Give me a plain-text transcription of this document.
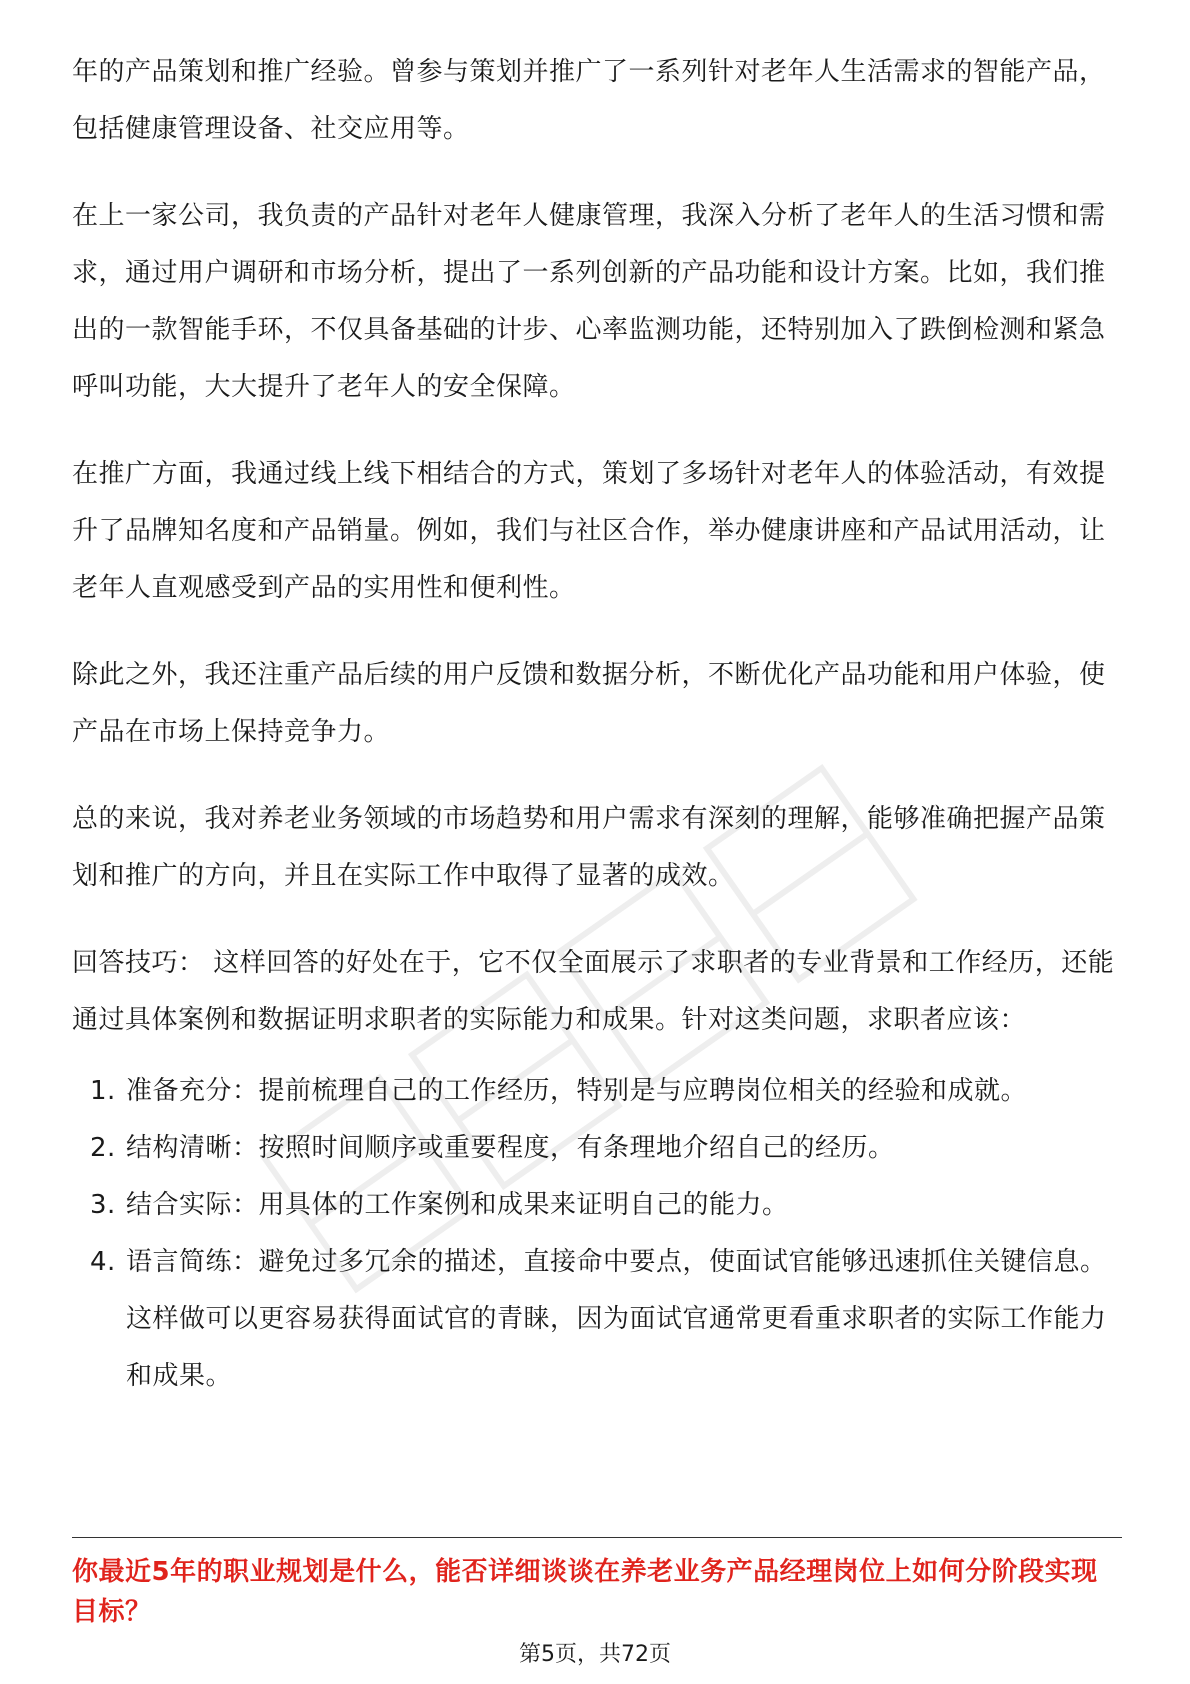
年的产品策划和推广经验。曾参与策划并推广了一系列针对老年人生活需求的智能产品，包括健康管理设备、社交应用等。

在上一家公司，我负责的产品针对老年人健康管理，我深入分析了老年人的生活习惯和需求，通过用户调研和市场分析，提出了一系列创新的产品功能和设计方案。比如，我们推出的一款智能手环，不仅具备基础的计步、心率监测功能，还特别加入了跌倒检测和紧急呼叫功能，大大提升了老年人的安全保障。

在推广方面，我通过线上线下相结合的方式，策划了多场针对老年人的体验活动，有效提升了品牌知名度和产品销量。例如，我们与社区合作，举办健康讲座和产品试用活动，让老年人直观感受到产品的实用性和便利性。

除此之外，我还注重产品后续的用户反馈和数据分析，不断优化产品功能和用户体验，使产品在市场上保持竞争力。

总的来说，我对养老业务领域的市场趋势和用户需求有深刻的理解，能够准确把握产品策划和推广的方向，并且在实际工作中取得了显著的成效。

回答技巧： 这样回答的好处在于，它不仅全面展示了求职者的专业背景和工作经历，还能通过具体案例和数据证明求职者的实际能力和成果。针对这类问题，求职者应该：

1. 准备充分：提前梳理自己的工作经历，特别是与应聘岗位相关的经验和成就。
2. 结构清晰：按照时间顺序或重要程度，有条理地介绍自己的经历。
3. 结合实际：用具体的工作案例和成果来证明自己的能力。
4. 语言简练：避免过多冗余的描述，直接命中要点，使面试官能够迅速抓住关键信息。 这样做可以更容易获得面试官的青睐，因为面试官通常更看重求职者的实际工作能力和成果。

你最近5年的职业规划是什么，能否详细谈谈在养老业务产品经理岗位上如何分阶段实现目标？

第5页，共72页
